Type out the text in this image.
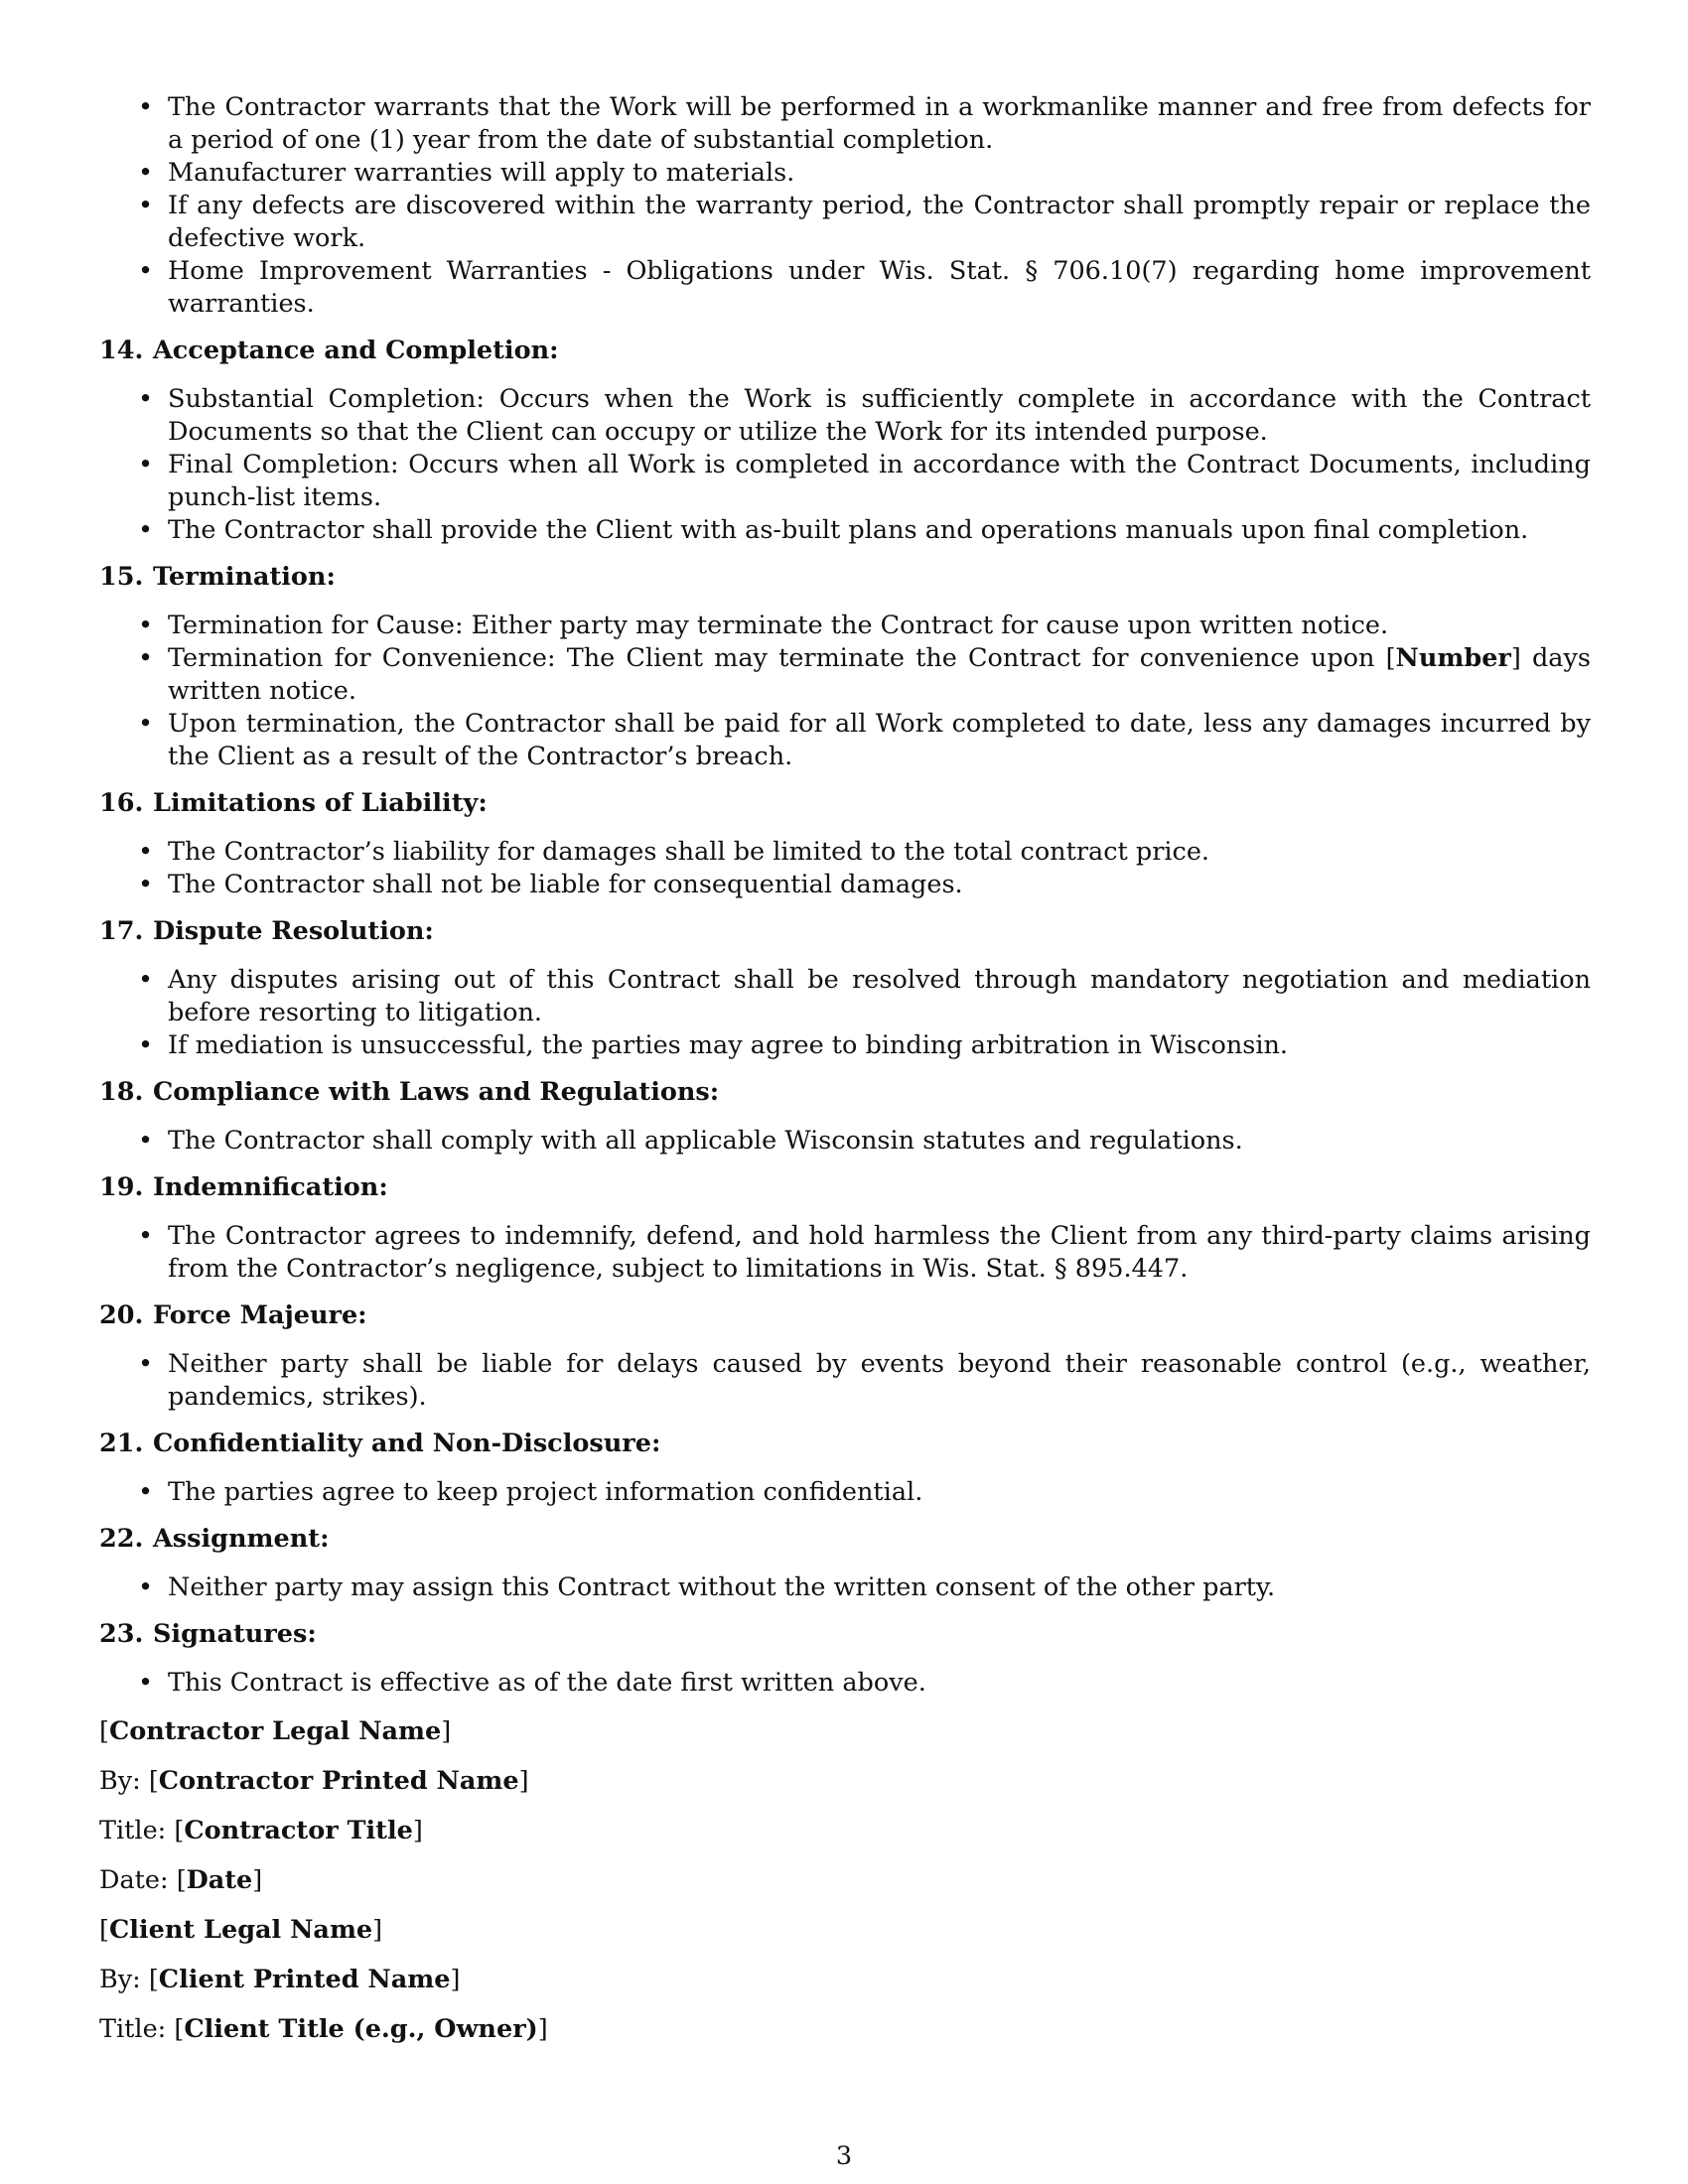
• The Contractor warrants that the Work will be performed in a workmanlike manner and free from defects for a period of one (1) year from the date of substantial completion.
• Manufacturer warranties will apply to materials.
• If any defects are discovered within the warranty period, the Contractor shall promptly repair or replace the defective work.
• Home Improvement Warranties - Obligations under Wis. Stat. § 706.10(7) regarding home improvement warranties.
14. Acceptance and Completion:
• Substantial Completion: Occurs when the Work is sufficiently complete in accordance with the Contract Documents so that the Client can occupy or utilize the Work for its intended purpose.
• Final Completion: Occurs when all Work is completed in accordance with the Contract Documents, including punch-list items.
• The Contractor shall provide the Client with as-built plans and operations manuals upon final completion.
15. Termination:
• Termination for Cause: Either party may terminate the Contract for cause upon written notice.
• Termination for Convenience: The Client may terminate the Contract for convenience upon [Number] days written notice.
• Upon termination, the Contractor shall be paid for all Work completed to date, less any damages incurred by the Client as a result of the Contractor’s breach.
16. Limitations of Liability:
• The Contractor’s liability for damages shall be limited to the total contract price.
• The Contractor shall not be liable for consequential damages.
17. Dispute Resolution:
• Any disputes arising out of this Contract shall be resolved through mandatory negotiation and mediation before resorting to litigation.
• If mediation is unsuccessful, the parties may agree to binding arbitration in Wisconsin.
18. Compliance with Laws and Regulations:
• The Contractor shall comply with all applicable Wisconsin statutes and regulations.
19. Indemnification:
• The Contractor agrees to indemnify, defend, and hold harmless the Client from any third-party claims arising from the Contractor’s negligence, subject to limitations in Wis. Stat. § 895.447.
20. Force Majeure:
• Neither party shall be liable for delays caused by events beyond their reasonable control (e.g., weather, pandemics, strikes).
21. Confidentiality and Non-Disclosure:
• The parties agree to keep project information confidential.
22. Assignment:
• Neither party may assign this Contract without the written consent of the other party.
23. Signatures:
• This Contract is effective as of the date first written above.
[Contractor Legal Name]
By: [Contractor Printed Name]
Title: [Contractor Title]
Date: [Date]
[Client Legal Name]
By: [Client Printed Name]
Title: [Client Title (e.g., Owner)]
3
